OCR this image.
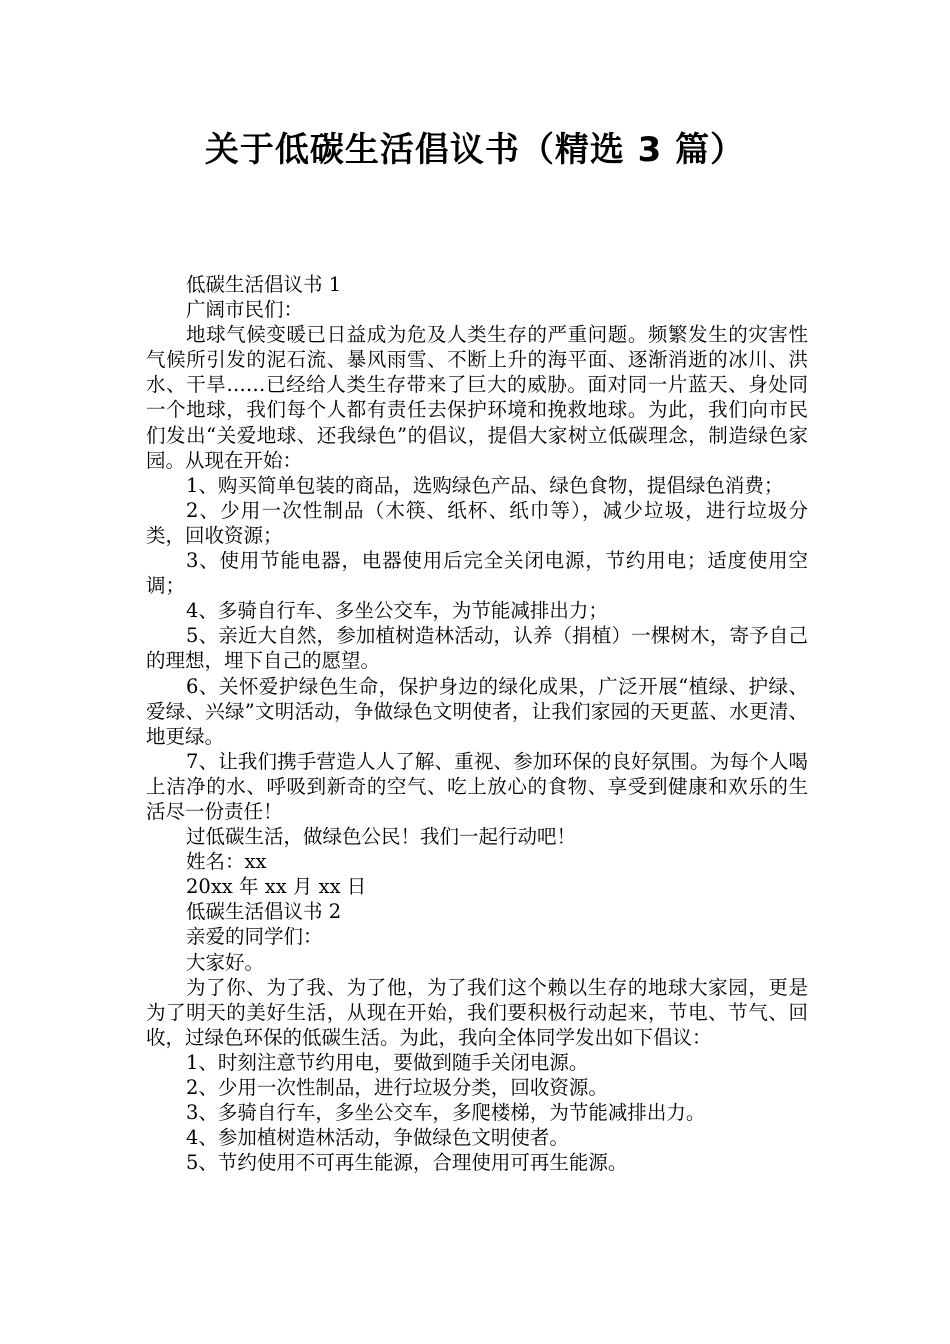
关于低碳生活倡议书（精选 3 篇）

低碳生活倡议书 1

广阔市民们：

地球气候变暖已日益成为危及人类生存的严重问题。频繁发生的灾害性气候所引发的泥石流、暴风雨雪、不断上升的海平面、逐渐消逝的冰川、洪水、干旱……已经给人类生存带来了巨大的威胁。面对同一片蓝天、身处同一个地球，我们每个人都有责任去保护环境和挽救地球。为此，我们向市民们发出“关爱地球、还我绿色”的倡议，提倡大家树立低碳理念，制造绿色家园。从现在开始：

1、购买简单包装的商品，选购绿色产品、绿色食物，提倡绿色消费；

2、少用一次性制品（木筷、纸杯、纸巾等），减少垃圾，进行垃圾分类，回收资源；

3、使用节能电器，电器使用后完全关闭电源，节约用电；适度使用空调；

4、多骑自行车、多坐公交车，为节能减排出力；

5、亲近大自然，参加植树造林活动，认养（捐植）一棵树木，寄予自己的理想，埋下自己的愿望。

6、关怀爱护绿色生命，保护身边的绿化成果，广泛开展“植绿、护绿、爱绿、兴绿”文明活动，争做绿色文明使者，让我们家园的天更蓝、水更清、地更绿。

7、让我们携手营造人人了解、重视、参加环保的良好氛围。为每个人喝上洁净的水、呼吸到新奇的空气、吃上放心的食物、享受到健康和欢乐的生活尽一份责任！

过低碳生活，做绿色公民！我们一起行动吧！

姓名：xx

20xx 年 xx 月 xx 日

低碳生活倡议书 2

亲爱的同学们：

大家好。

为了你、为了我、为了他，为了我们这个赖以生存的地球大家园，更是为了明天的美好生活，从现在开始，我们要积极行动起来，节电、节气、回收，过绿色环保的低碳生活。为此，我向全体同学发出如下倡议：

1、时刻注意节约用电，要做到随手关闭电源。

2、少用一次性制品，进行垃圾分类，回收资源。

3、多骑自行车，多坐公交车，多爬楼梯，为节能减排出力。

4、参加植树造林活动，争做绿色文明使者。

5、节约使用不可再生能源，合理使用可再生能源。
